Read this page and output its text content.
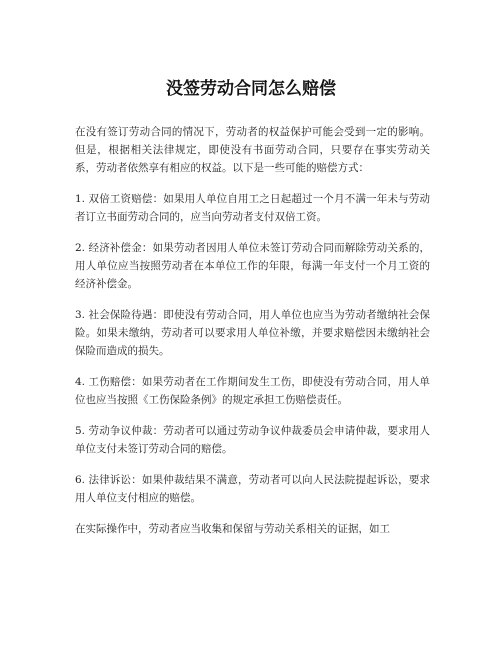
没签劳动合同怎么赔偿

在没有签订劳动合同的情况下，劳动者的权益保护可能会受到一定的影响。但是，根据相关法律规定，即使没有书面劳动合同，只要存在事实劳动关系，劳动者依然享有相应的权益。以下是一些可能的赔偿方式：

1. 双倍工资赔偿：如果用人单位自用工之日起超过一个月不满一年未与劳动者订立书面劳动合同的，应当向劳动者支付双倍工资。

2. 经济补偿金：如果劳动者因用人单位未签订劳动合同而解除劳动关系的，用人单位应当按照劳动者在本单位工作的年限，每满一年支付一个月工资的经济补偿金。

3. 社会保险待遇：即使没有劳动合同，用人单位也应当为劳动者缴纳社会保险。如果未缴纳，劳动者可以要求用人单位补缴，并要求赔偿因未缴纳社会保险而造成的损失。

4. 工伤赔偿：如果劳动者在工作期间发生工伤，即使没有劳动合同，用人单位也应当按照《工伤保险条例》的规定承担工伤赔偿责任。

5. 劳动争议仲裁：劳动者可以通过劳动争议仲裁委员会申请仲裁，要求用人单位支付未签订劳动合同的赔偿。

6. 法律诉讼：如果仲裁结果不满意，劳动者可以向人民法院提起诉讼，要求用人单位支付相应的赔偿。

在实际操作中，劳动者应当收集和保留与劳动关系相关的证据，如工
